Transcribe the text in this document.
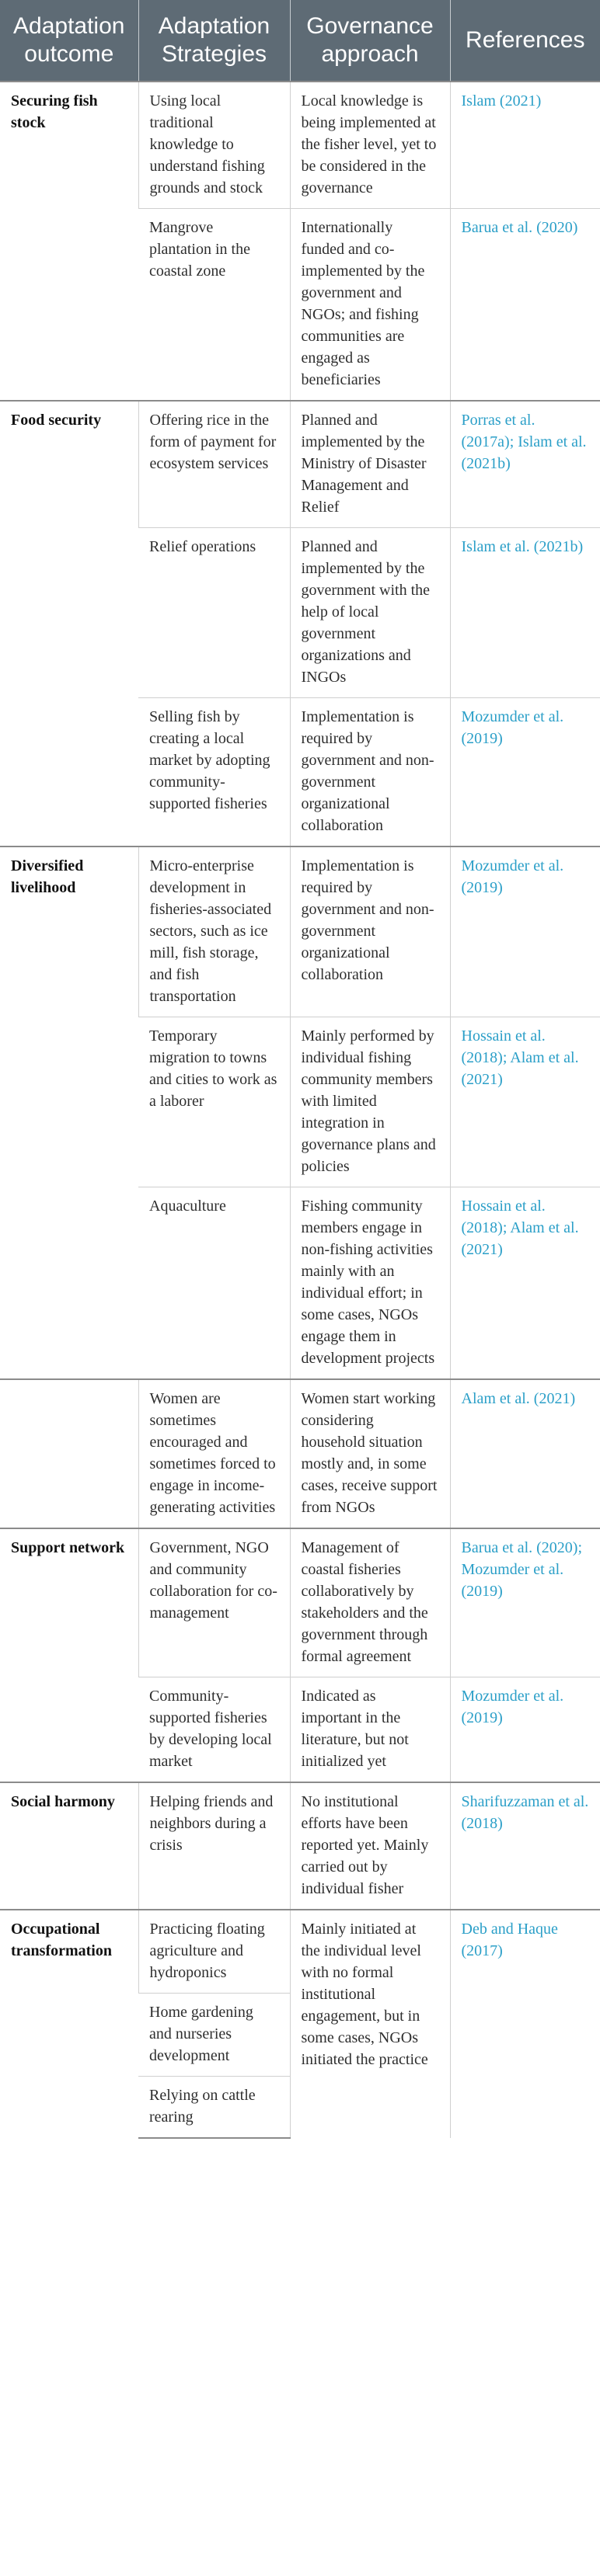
Adaptation outcome	Adaptation Strategies	Governance approach	References
Securing fish stock	Using local traditional knowledge to understand fishing grounds and stock	Local knowledge is being implemented at the fisher level, yet to be considered in the governance	Islam (2021)
	Mangrove plantation in the coastal zone	Internationally funded and co-implemented by the government and NGOs; and fishing communities are engaged as beneficiaries	Barua et al. (2020)
Food security	Offering rice in the form of payment for ecosystem services	Planned and implemented by the Ministry of Disaster Management and Relief	Porras et al. (2017a); Islam et al. (2021b)
	Relief operations	Planned and implemented by the government with the help of local government organizations and INGOs	Islam et al. (2021b)
	Selling fish by creating a local market by adopting community-supported fisheries	Implementation is required by government and non-government organizational collaboration	Mozumder et al. (2019)
Diversified livelihood	Micro-enterprise development in fisheries-associated sectors, such as ice mill, fish storage, and fish transportation	Implementation is required by government and non-government organizational collaboration	Mozumder et al. (2019)
	Temporary migration to towns and cities to work as a laborer	Mainly performed by individual fishing community members with limited integration in governance plans and policies	Hossain et al. (2018); Alam et al. (2021)
	Aquaculture	Fishing community members engage in non-fishing activities mainly with an individual effort; in some cases, NGOs engage them in development projects	Hossain et al. (2018); Alam et al. (2021)
	Women are sometimes encouraged and sometimes forced to engage in income-generating activities	Women start working considering household situation mostly and, in some cases, receive support from NGOs	Alam et al. (2021)
Support network	Government, NGO and community collaboration for co-management	Management of coastal fisheries collaboratively by stakeholders and the government through formal agreement	Barua et al. (2020); Mozumder et al. (2019)
	Community-supported fisheries by developing local market	Indicated as important in the literature, but not initialized yet	Mozumder et al. (2019)
Social harmony	Helping friends and neighbors during a crisis	No institutional efforts have been reported yet. Mainly carried out by individual fisher	Sharifuzzaman et al. (2018)
Occupational transformation	Practicing floating agriculture and hydroponics	Mainly initiated at the individual level with no formal institutional engagement, but in some cases, NGOs initiated the practice	Deb and Haque (2017)
	Home gardening and nurseries development		
	Relying on cattle rearing		
